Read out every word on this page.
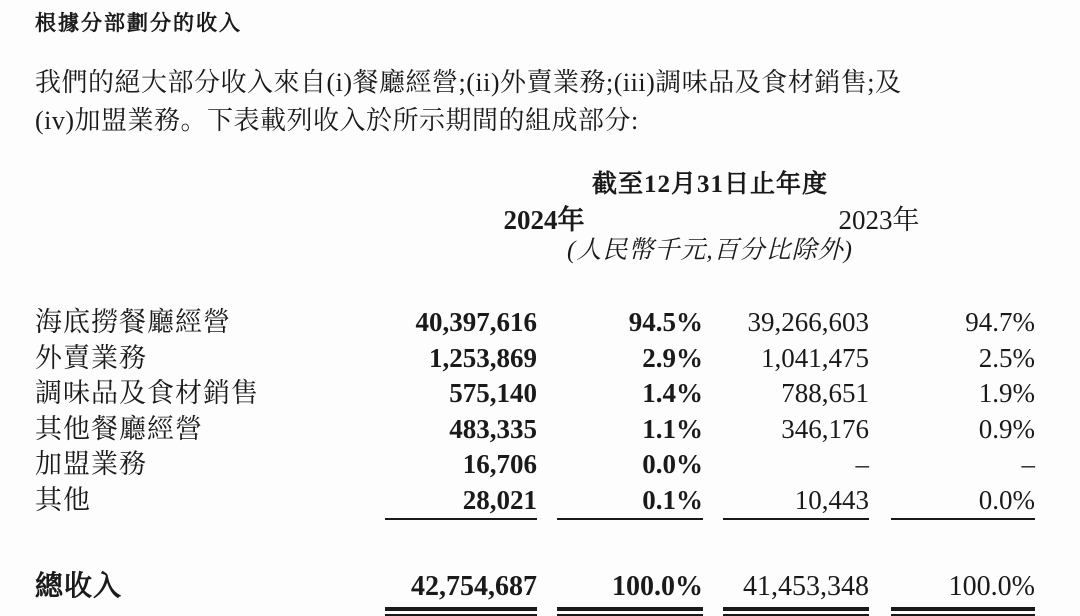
根據分部劃分的收入
我們的絕大部分收入來自(i)餐廳經營;(ii)外賣業務;(iii)調味品及食材銷售;及
(iv)加盟業務。下表載列收入於所示期間的組成部分:
截至12月31日止年度
2024年	2023年
(人民幣千元,百分比除外)
海底撈餐廳經營	40,397,616	94.5%	39,266,603	94.7%
外賣業務	1,253,869	2.9%	1,041,475	2.5%
調味品及食材銷售	575,140	1.4%	788,651	1.9%
其他餐廳經營	483,335	1.1%	346,176	0.9%
加盟業務	16,706	0.0%	–	–
其他	28,021	0.1%	10,443	0.0%
總收入	42,754,687	100.0%	41,453,348	100.0%
